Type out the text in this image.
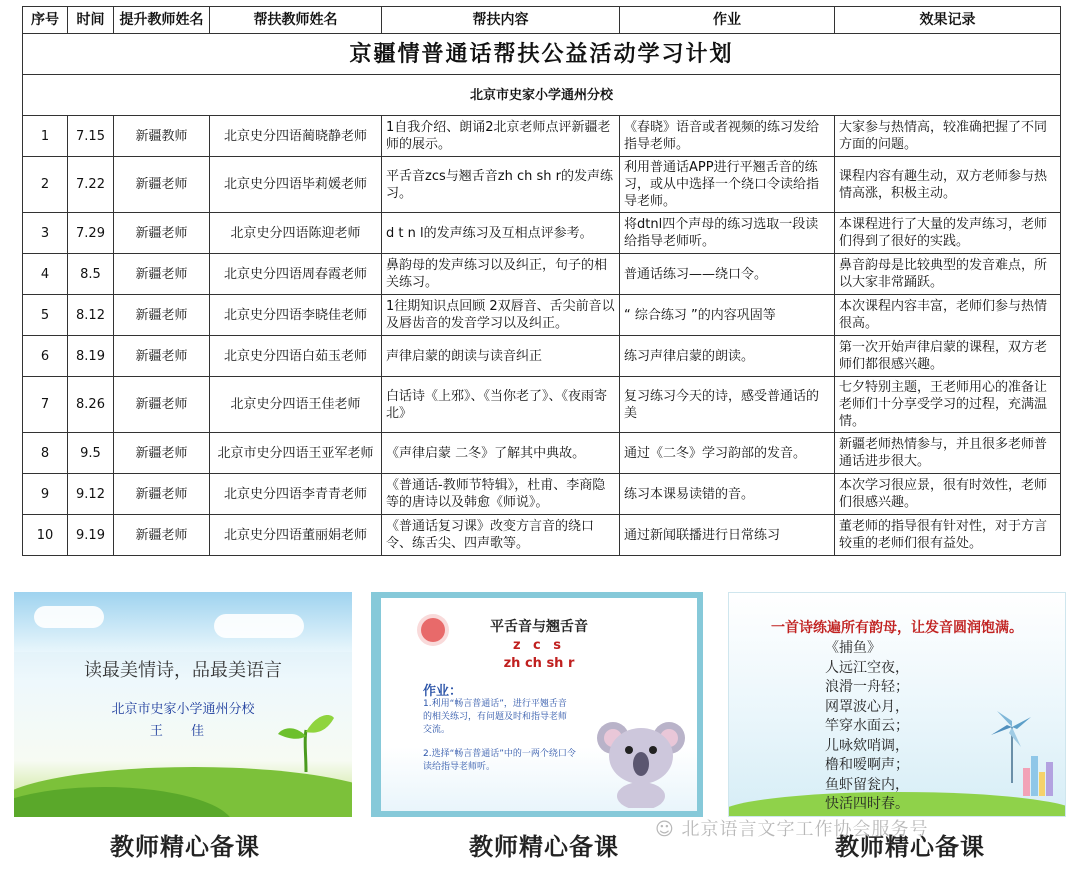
京疆情普通话帮扶公益活动学习计划						
北京市史家小学通州分校						
序号	时间	提升教师姓名	帮扶教师姓名	帮扶内容	作业	效果记录
1	7.15	新疆教师	北京史分四语蔺晓静老师	1自我介绍、朗诵2北京老师点评新疆老师的展示。	《春晓》语音或者视频的练习发给指导老师。	大家参与热情高，较准确把握了不同方面的问题。
2	7.22	新疆老师	北京史分四语毕莉媛老师	平舌音zcs与翘舌音zh ch sh r的发声练习。	利用普通话APP进行平翘舌音的练习，或从中选择一个绕口令读给指导老师。	课程内容有趣生动，双方老师参与热情高涨，积极主动。
3	7.29	新疆老师	北京史分四语陈迎老师	d t n l的发声练习及互相点评参考。	将dtnl四个声母的练习选取一段读给指导老师听。	本课程进行了大量的发声练习，老师们得到了很好的实践。
4	8.5	新疆老师	北京史分四语周春霞老师	鼻韵母的发声练习以及纠正，句子的相关练习。	普通话练习——绕口令。	鼻音韵母是比较典型的发音难点，所以大家非常踊跃。
5	8.12	新疆老师	北京史分四语李晓佳老师	1往期知识点回顾 2双唇音、舌尖前音以及唇齿音的发音学习以及纠正。	“ 综合练习 ”的内容巩固等	本次课程内容丰富，老师们参与热情很高。
6	8.19	新疆老师	北京史分四语白茹玉老师	声律启蒙的朗读与读音纠正	练习声律启蒙的朗读。	第一次开始声律启蒙的课程，双方老师们都很感兴趣。
7	8.26	新疆老师	北京史分四语王佳老师	白话诗《上邪》、《当你老了》、《夜雨寄北》	复习练习今天的诗，感受普通话的美	七夕特别主题，王老师用心的准备让老师们十分享受学习的过程，充满温情。
8	9.5	新疆老师	北京市史分四语王亚军老师	《声律启蒙 二冬》了解其中典故。	通过《二冬》学习韵部的发音。	新疆老师热情参与，并且很多老师普通话进步很大。
9	9.12	新疆老师	北京史分四语李青青老师	《普通话-教师节特辑》，杜甫、李商隐等的唐诗以及韩愈《师说》。	练习本课易读错的音。	本次学习很应景，很有时效性，老师们很感兴趣。
10	9.19	新疆老师	北京史分四语董丽娟老师	《普通话复习课》改变方言音的绕口令、练舌尖、四声歌等。	通过新闻联播进行日常练习	董老师的指导很有针对性，对于方言较重的老师们很有益处。
读最美情诗，品最美语言
北京市史家小学通州分校
王 佳
教师精心备课
平舌音与翘舌音
z c s
zh ch sh r
作业：
1.利用“畅言普通话”，进行平翘舌音的相关练习，有问题及时和指导老师交流。
2.选择“畅言普通话”中的一两个绕口令读给指导老师听。
教师精心备课
一首诗练遍所有韵母，让发音圆润饱满。
《捕鱼》
人远江空夜，
浪滑一舟轻；
网罩波心月，
竿穿水面云；
儿咏欸哨调，
橹和嗳啊声；
鱼虾留瓮内，
快活四时春。
教师精心备课
☺ 北京语言文字工作协会服务号
